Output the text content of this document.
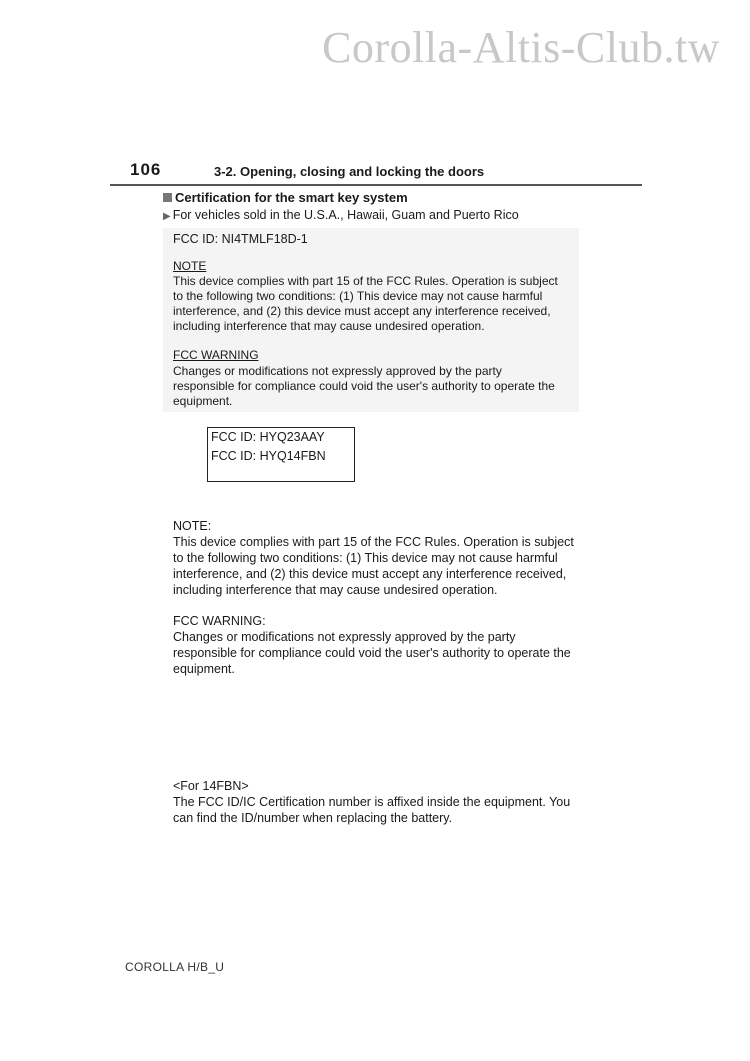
Corolla-Altis-Club.tw
106	3-2. Opening, closing and locking the doors
Certification for the smart key system
▶ For vehicles sold in the U.S.A., Hawaii, Guam and Puerto Rico
FCC ID: NI4TMLF18D-1
NOTE
This device complies with part 15 of the FCC Rules. Operation is subject
to the following two conditions: (1) This device may not cause harmful
interference, and (2) this device must accept any interference received,
including interference that may cause undesired operation.
FCC WARNING
Changes or modifications not expressly approved by the party
responsible for compliance could void the user's authority to operate the
equipment.
FCC ID: HYQ23AAY
FCC ID: HYQ14FBN
NOTE:
This device complies with part 15 of the FCC Rules. Operation is subject
to the following two conditions: (1) This device may not cause harmful
interference, and (2) this device must accept any interference received,
including interference that may cause undesired operation.
FCC WARNING:
Changes or modifications not expressly approved by the party
responsible for compliance could void the user's authority to operate the
equipment.
<For 14FBN>
The FCC ID/IC Certification number is affixed inside the equipment. You
can find the ID/number when replacing the battery.
COROLLA H/B_U
